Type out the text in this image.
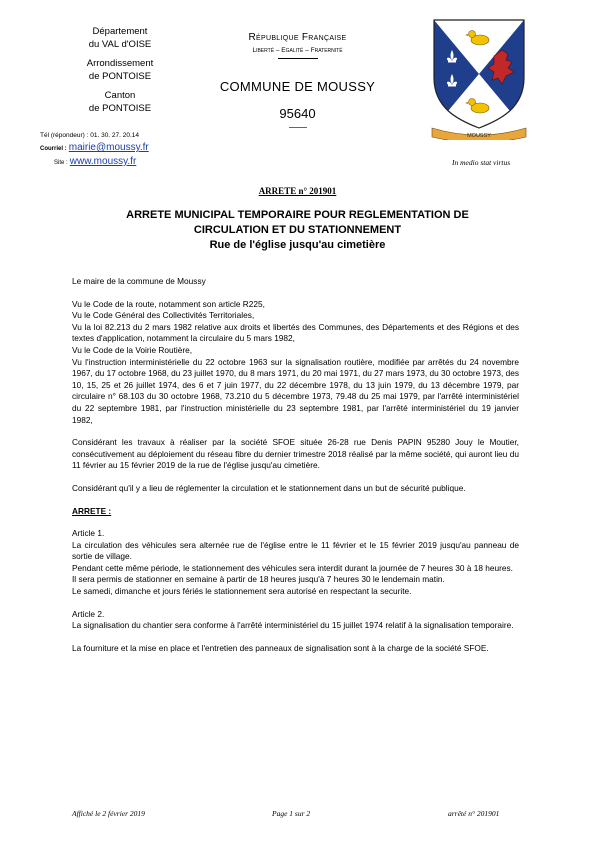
Département
du VAL d'OISE

Arrondissement
de PONTOISE

Canton
de PONTOISE

Tél (répondeur) : 01. 30. 27. 20.14
Courriel : mairie@moussy.fr
Site : www.moussy.fr
République Française
Liberté – Egalité – Fraternité
COMMUNE DE MOUSSY
95640
MOUSSY
In medio stat virtus
ARRETE n° 201901
ARRETE MUNICIPAL TEMPORAIRE POUR REGLEMENTATION DE
CIRCULATION ET DU STATIONNEMENT
Rue de l'église jusqu'au cimetière

Le maire de la commune de Moussy

Vu le Code de la route, notamment son article R225,

Vu le Code Général des Collectivités Territoriales,

Vu la loi 82.213 du 2 mars 1982 relative aux droits et libertés des Communes, des Départements et des Régions et des textes d'application, notamment la circulaire du 5 mars 1982,

Vu le Code de la Voirie Routière,

Vu l'instruction interministérielle du 22 octobre 1963 sur la signalisation routière, modifiée par arrêtés du 24 novembre 1967, du 17 octobre 1968, du 23 juillet 1970, du 8 mars 1971, du 20 mai 1971, du 27 mars 1973, du 30 octobre 1973, des 10, 15, 25 et 26 juillet 1974, des 6 et 7 juin 1977, du 22 décembre 1978, du 13 juin 1979, du 13 décembre 1979, par circulaire n° 68.103 du 30 octobre 1968, 73.210 du 5 décembre 1973, 79.48 du 25 mai 1979, par l'arrêté interministériel du 22 septembre 1981, par l'instruction ministérielle du 23 septembre 1981, par l'arrêté interministériel du 19 janvier 1982,

Considérant les travaux à réaliser par la société SFOE située 26-28 rue Denis PAPIN 95280 Jouy le Moutier, consécutivement au déploiement du réseau fibre du dernier trimestre 2018 réalisé par la même société, qui auront lieu du 11 février au 15 février 2019 de la rue de l'église jusqu'au cimetière.

Considérant qu'il y a lieu de réglementer la circulation et le stationnement dans un but de sécurité publique.

ARRETE :

Article 1.

La circulation des véhicules sera alternée rue de l'église entre le 11 février et le 15 février 2019 jusqu'au panneau de sortie de village.

Pendant cette même période, le stationnement des véhicules sera interdit durant la journée de 7 heures 30 à 18 heures.

Il sera permis de stationner en semaine à partir de 18 heures jusqu'à 7 heures 30 le lendemain matin.

Le samedi, dimanche et jours fériés le stationnement sera autorisé en respectant la securite.

Article 2.

La signalisation du chantier sera conforme à l'arrêté interministériel du 15 juillet 1974 relatif à la signalisation temporaire.

La fourniture et la mise en place et l'entretien des panneaux de signalisation sont à la charge de la société SFOE.

Affiché le 2 février 2019	Page 1 sur 2	arrêté n° 201901
